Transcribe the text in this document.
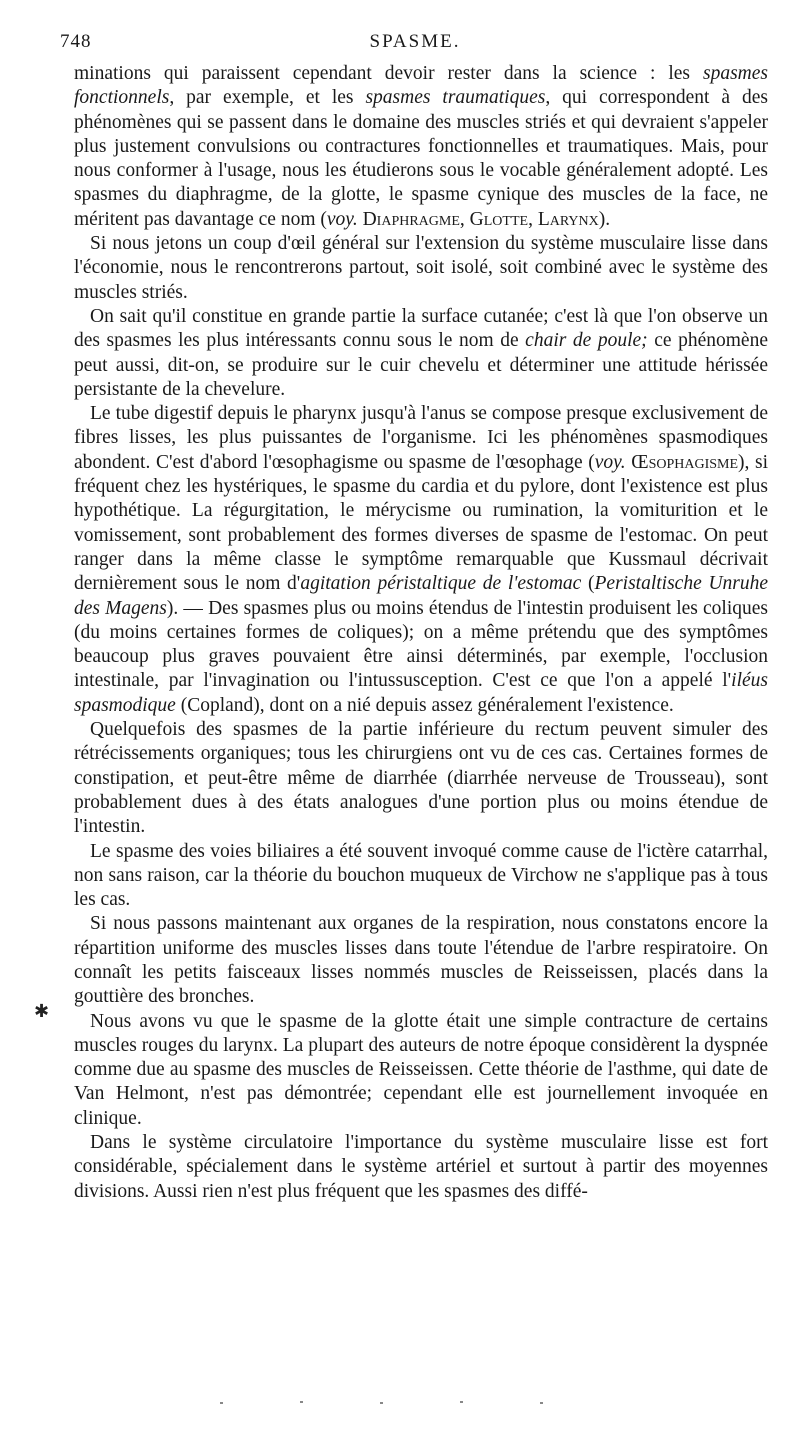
748	SPASME.
✱

minations qui paraissent cependant devoir rester dans la science : les spasmes fonctionnels, par exemple, et les spasmes traumatiques, qui correspondent à des phénomènes qui se passent dans le domaine des muscles striés et qui devraient s'appeler plus justement convulsions ou contractures fonctionnelles et traumatiques. Mais, pour nous conformer à l'usage, nous les étudierons sous le vocable généralement adopté. Les spasmes du diaphragme, de la glotte, le spasme cynique des muscles de la face, ne méritent pas davantage ce nom (voy. Diaphragme, Glotte, Larynx).

Si nous jetons un coup d'œil général sur l'extension du système musculaire lisse dans l'économie, nous le rencontrerons partout, soit isolé, soit combiné avec le système des muscles striés.

On sait qu'il constitue en grande partie la surface cutanée; c'est là que l'on observe un des spasmes les plus intéressants connu sous le nom de chair de poule; ce phénomène peut aussi, dit-on, se produire sur le cuir chevelu et déterminer une attitude hérissée persistante de la chevelure.

Le tube digestif depuis le pharynx jusqu'à l'anus se compose presque exclusivement de fibres lisses, les plus puissantes de l'organisme. Ici les phénomènes spasmodiques abondent. C'est d'abord l'œsophagisme ou spasme de l'œsophage (voy. Œsophagisme), si fréquent chez les hystériques, le spasme du cardia et du pylore, dont l'existence est plus hypothétique. La régurgitation, le mérycisme ou rumination, la vomiturition et le vomissement, sont probablement des formes diverses de spasme de l'estomac. On peut ranger dans la même classe le symptôme remarquable que Kussmaul décrivait dernièrement sous le nom d'agitation péristaltique de l'estomac (Peristaltische Unruhe des Magens). — Des spasmes plus ou moins étendus de l'intestin produisent les coliques (du moins certaines formes de coliques); on a même prétendu que des symptômes beaucoup plus graves pouvaient être ainsi déterminés, par exemple, l'occlusion intestinale, par l'invagination ou l'intussusception. C'est ce que l'on a appelé l'iléus spasmodique (Copland), dont on a nié depuis assez généralement l'existence.

Quelquefois des spasmes de la partie inférieure du rectum peuvent simuler des rétrécissements organiques; tous les chirurgiens ont vu de ces cas. Certaines formes de constipation, et peut-être même de diarrhée (diarrhée nerveuse de Trousseau), sont probablement dues à des états analogues d'une portion plus ou moins étendue de l'intestin.

Le spasme des voies biliaires a été souvent invoqué comme cause de l'ictère catarrhal, non sans raison, car la théorie du bouchon muqueux de Virchow ne s'applique pas à tous les cas.

Si nous passons maintenant aux organes de la respiration, nous constatons encore la répartition uniforme des muscles lisses dans toute l'étendue de l'arbre respiratoire. On connaît les petits faisceaux lisses nommés muscles de Reisseissen, placés dans la gouttière des bronches.

Nous avons vu que le spasme de la glotte était une simple contracture de certains muscles rouges du larynx. La plupart des auteurs de notre époque considèrent la dyspnée comme due au spasme des muscles de Reisseissen. Cette théorie de l'asthme, qui date de Van Helmont, n'est pas démontrée; cependant elle est journellement invoquée en clinique.

Dans le système circulatoire l'importance du système musculaire lisse est fort considérable, spécialement dans le système artériel et surtout à partir des moyennes divisions. Aussi rien n'est plus fréquent que les spasmes des diffé-
